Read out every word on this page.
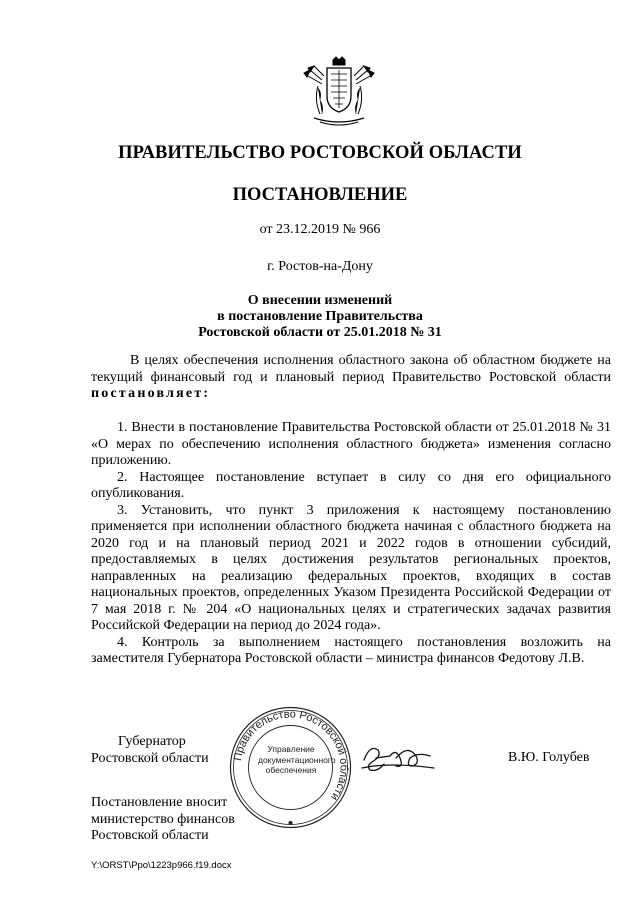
ПРАВИТЕЛЬСТВО РОСТОВСКОЙ ОБЛАСТИ
ПОСТАНОВЛЕНИЕ
от 23.12.2019 № 966
г. Ростов-на-Дону
О внесении изменений
в постановление Правительства
Ростовской области от 25.01.2018 № 31
В целях обеспечения исполнения областного закона об областном бюджете на текущий финансовый год и плановый период Правительство Ростовской области постановляет:

1. Внести в постановление Правительства Ростовской области от 25.01.2018 № 31 «О мерах по обеспечению исполнения областного бюджета» изменения согласно приложению.

2. Настоящее постановление вступает в силу со дня его официального опубликования.

3. Установить, что пункт 3 приложения к настоящему постановлению применяется при исполнении областного бюджета начиная с областного бюджета на 2020 год и на плановый период 2021 и 2022 годов в отношении субсидий, предоставляемых в целях достижения результатов региональных проектов, направленных на реализацию федеральных проектов, входящих в состав национальных проектов, определенных Указом Президента Российской Федерации от 7 мая 2018 г. № 204 «О национальных целях и стратегических задачах развития Российской Федерации на период до 2024 года».

4. Контроль за выполнением настоящего постановления возложить на заместителя Губернатора Ростовской области – министра финансов Федотову Л.В.

Губернатор
Ростовской области Правительство Ростовской области
Управление
документационного
обеспечения
В.Ю. Голубев
Постановление вносит
министерство финансов
Ростовской области
Y:\ORST\Ppo\1223p966.f19.docx
